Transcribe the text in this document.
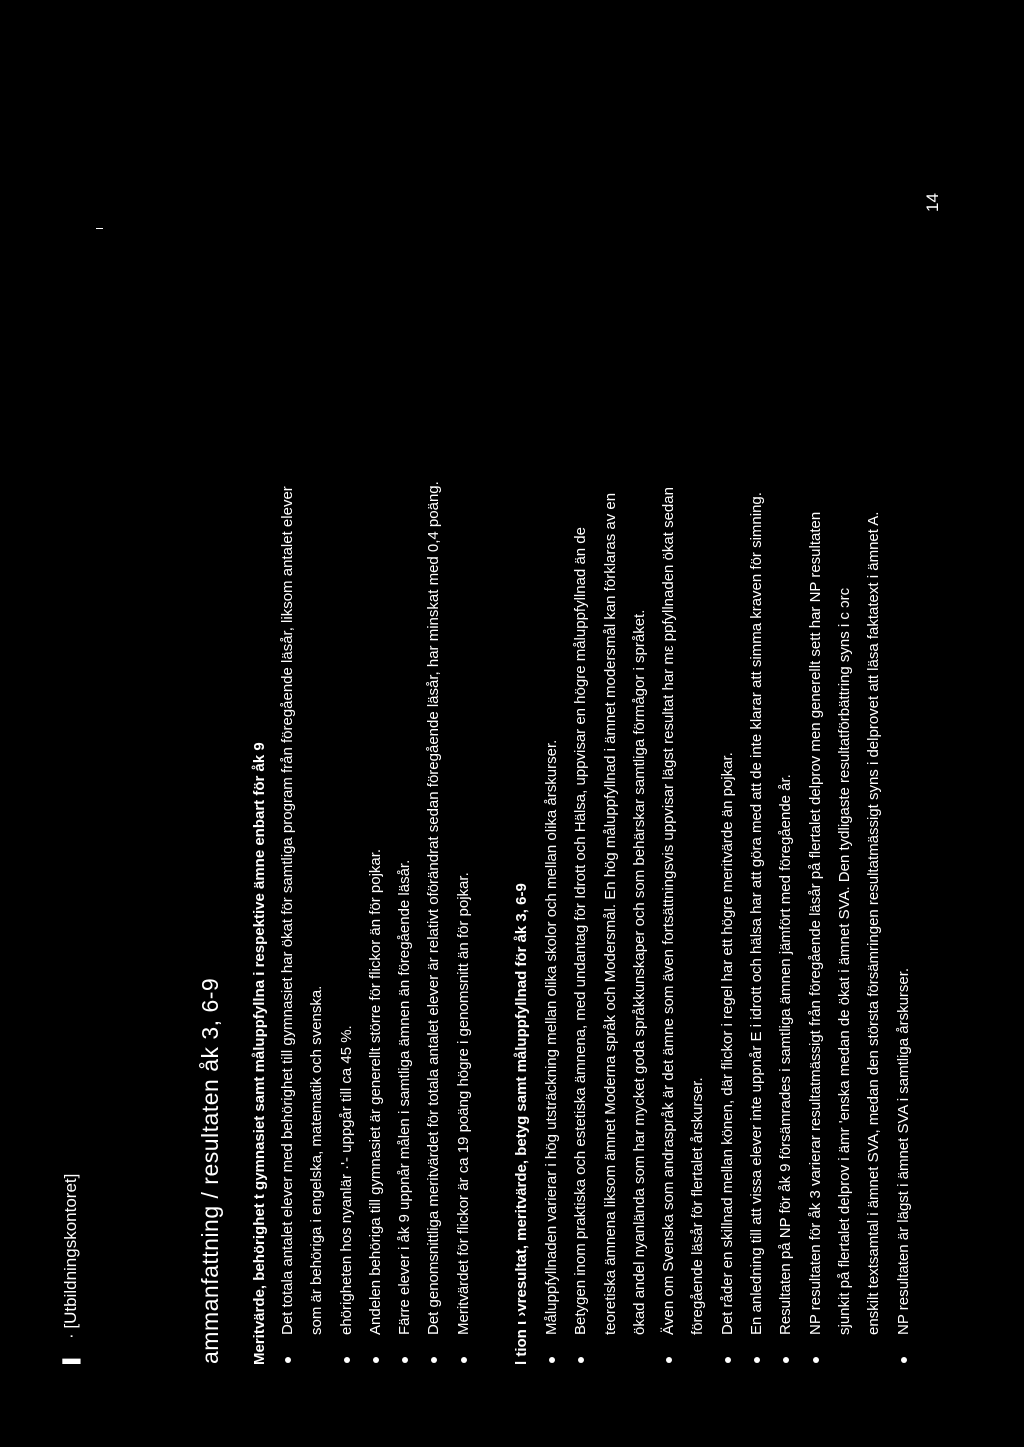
▌
· [Utbildningskontoret]
14
ammanfattning / resultaten åk 3, 6-9 Meritvärde, behörighet t gymnasiet samt måluppfyllna i respektive ämne enbart för åk 9 Det totala antalet elever med behörighet till gymnasiet har ökat för samtliga program från föregående läsår, liksom antalet elever som är behöriga i engelska, matematik och svenska. ehörigheten hos nyanlär ·'- uppgår till ca 45 %. Andelen behöriga till gymnasiet är generellt större för flickor än för pojkar. Färre elever i åk 9 uppnår målen i samtliga ämnen än föregående läsår. Det genomsnittliga meritvärdet för totala antalet elever är relativt oförändrat sedan föregående läsår, har minskat med 0,4 poäng. Meritvärdet för flickor är ca 19 poäng högre i genomsnitt än för pojkar.	l tion ι ›vresultat, meritvärde, betyg samt måluppfyllnad för åk 3, 6-9 Måluppfyllnaden varierar i hög utsträckning mellan olika skolor och mellan olika årskurser. Betygen inom praktiska och estetiska ämnena, med undantag för Idrott och Hälsa, uppvisar en högre måluppfyllnad än de teoretiska ämnena liksom ämnet Moderna språk och Modersmål. En hög måluppfyllnad i ämnet modersmål kan förklaras av en ökad andel nyanlända som har mycket goda språkkunskaper och som behärskar samtliga förmågor i språket. Även om Svenska som andraspråk är det ämne som även fortsättningsvis uppvisar lägst resultat har mε ppfyllnaden ökat sedan föregående läsår för flertalet årskurser. Det råder en skillnad mellan könen, där flickor i regel har ett högre meritvärde än pojkar. En anledning till att vissa elever inte uppnår E i idrott och hälsa har att göra med att de inte klarar att simma kraven för simning. Resultaten på NP för åk 9 försämrades i samtliga ämnen jämfört med föregående år. NP resultaten för åk 3 varierar resultatmässigt från föregående läsår på flertalet delprov men generellt sett har NP resultaten sjunkit på flertalet delprov i ämr 'enska medan de ökat i ämnet SVA. Den tydligaste resultatförbättring syns i c ɔrc enskilt textsamtal i ämnet SVA, medan den största försämringen resultatmässigt syns i delprovet att läsa faktatext i ämnet A. NP resultaten är lägst i ämnet SVA i samtliga årskurser.
